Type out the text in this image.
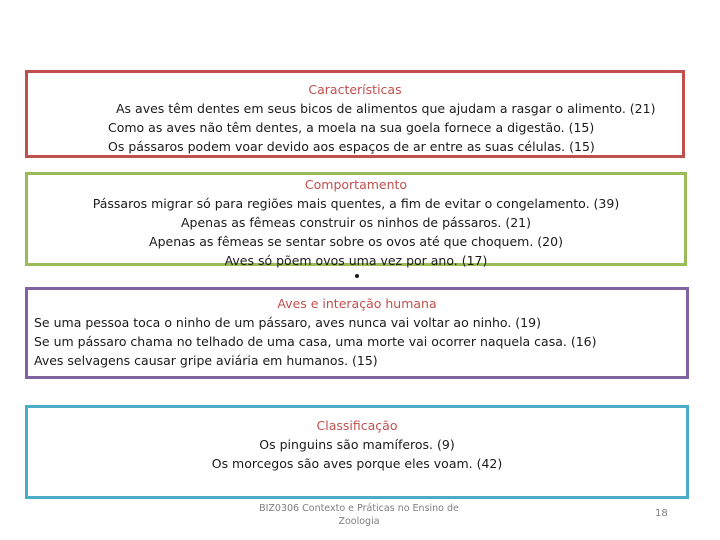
Características
As aves têm dentes em seus bicos de alimentos que ajudam a rasgar o alimento. (21)
Como as aves não têm dentes, a moela na sua goela fornece a digestão. (15)
Os pássaros podem voar devido aos espaços de ar entre as suas células. (15)
Comportamento
Pássaros migrar só para regiões mais quentes, a fim de evitar o congelamento. (39)
Apenas as fêmeas construir os ninhos de pássaros. (21)
Apenas as fêmeas se sentar sobre os ovos até que choquem. (20)
Aves só põem ovos uma vez por ano. (17)
Aves e interação humana
Se uma pessoa toca o ninho de um pássaro, aves nunca vai voltar ao ninho. (19)
Se um pássaro chama no telhado de uma casa, uma morte vai ocorrer naquela casa. (16)
Aves selvagens causar gripe aviária em humanos. (15)
Classificação
Os pinguins são mamíferos. (9)
Os morcegos são aves porque eles voam. (42)
BIZ0306 Contexto e Práticas no Ensino de Zoologia
18
